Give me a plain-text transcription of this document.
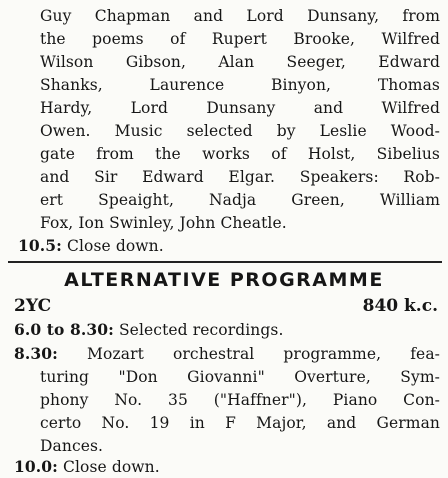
Guy Chapman and Lord Dunsany, from
the poems of Rupert Brooke, Wilfred
Wilson Gibson, Alan Seeger, Edward
Shanks, Laurence Binyon, Thomas
Hardy, Lord Dunsany and Wilfred
Owen. Music selected by Leslie Wood-
gate from the works of Holst, Sibelius
and Sir Edward Elgar. Speakers: Rob-
ert Speaight, Nadja Green, William
Fox, Ion Swinley, John Cheatle.
10.5: Close down.
ALTERNATIVE PROGRAMME
2YC	840 k.c.
6.0 to 8.30: Selected recordings.
8.30: Mozart orchestral programme, fea-
turing "Don Giovanni" Overture, Sym-
phony No. 35 ("Haffner"), Piano Con-
certo No. 19 in F Major, and German
Dances.
10.0: Close down.
